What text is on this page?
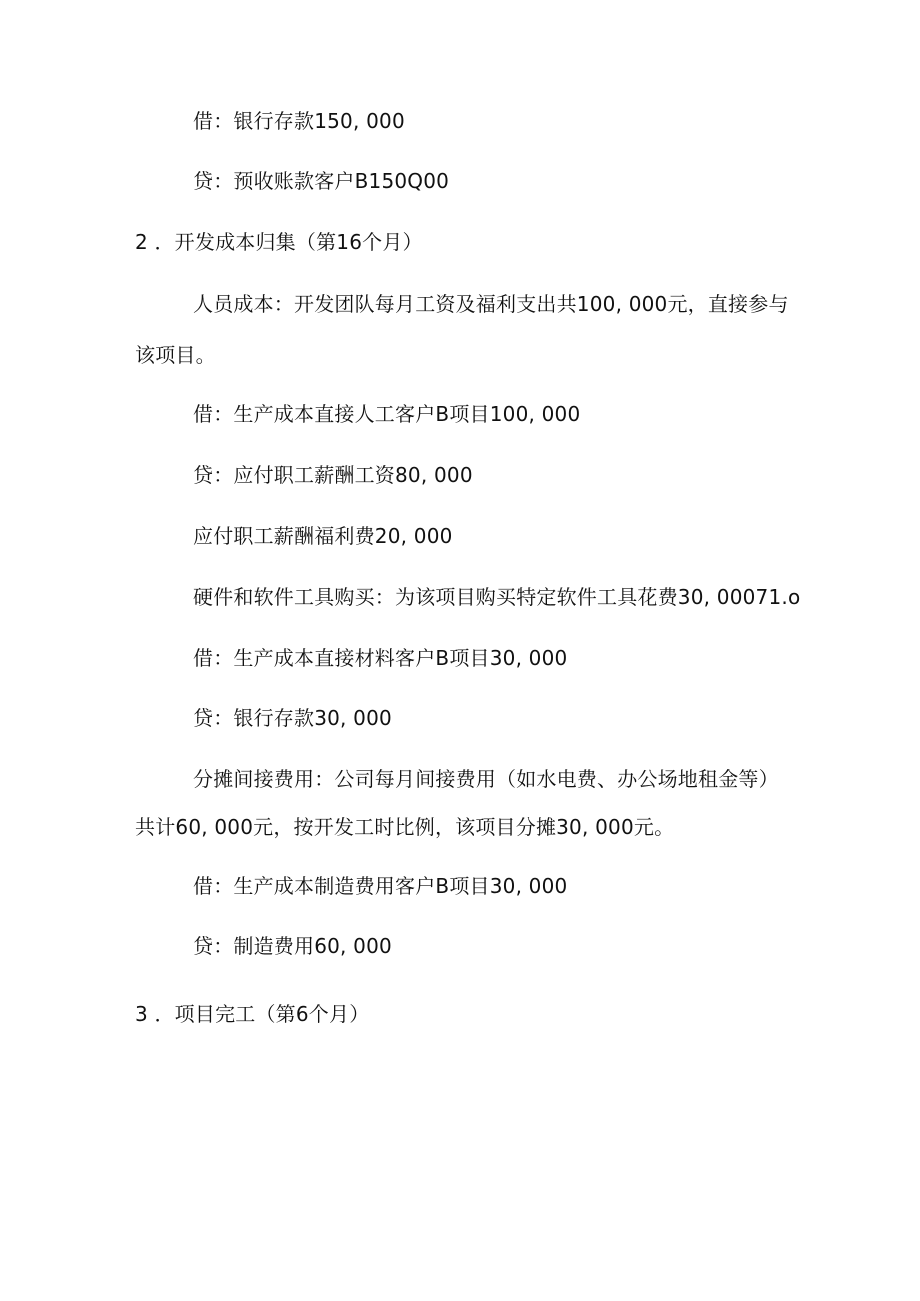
借：银行存款150, 000
贷：预收账款客户B150Q00
2 ．开发成本归集（第16个月）
人员成本：开发团队每月工资及福利支出共100, 000元，直接参与
该项目。
借：生产成本直接人工客户B项目100, 000
贷：应付职工薪酬工资80, 000
应付职工薪酬福利费20, 000
硬件和软件工具购买：为该项目购买特定软件工具花费30, 00071.o
借：生产成本直接材料客户B项目30, 000
贷：银行存款30, 000
分摊间接费用：公司每月间接费用（如水电费、办公场地租金等）
共计60, 000元，按开发工时比例，该项目分摊30, 000元。
借：生产成本制造费用客户B项目30, 000
贷：制造费用60, 000
3 ．项目完工（第6个月）
